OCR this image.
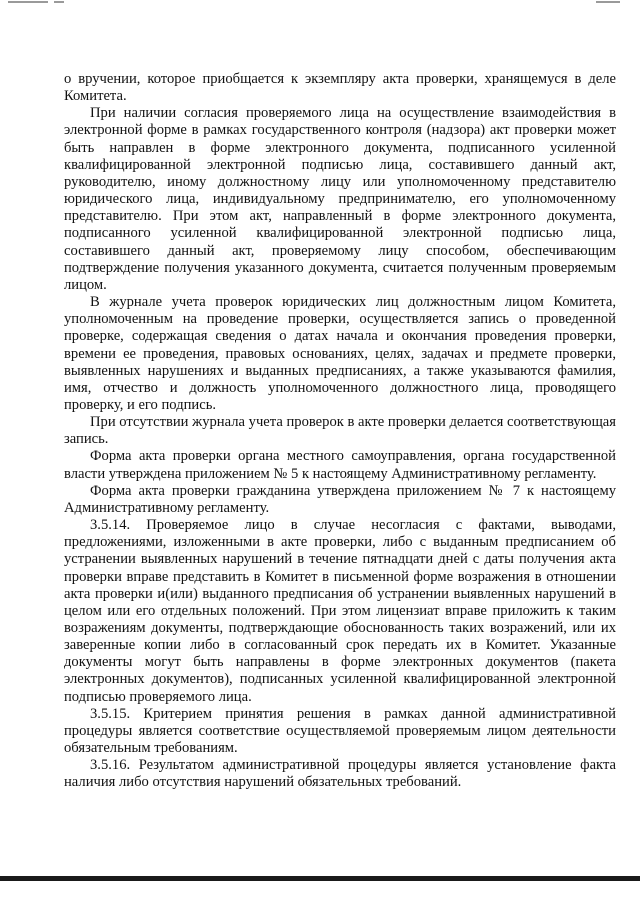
о вручении, которое приобщается к экземпляру акта проверки, хранящемуся в деле Комитета.

При наличии согласия проверяемого лица на осуществление взаимодействия в электронной форме в рамках государственного контроля (надзора) акт проверки может быть направлен в форме электронного документа, подписанного усиленной квалифицированной электронной подписью лица, составившего данный акт, руководителю, иному должностному лицу или уполномоченному представителю юридического лица, индивидуальному предпринимателю, его уполномоченному представителю. При этом акт, направленный в форме электронного документа, подписанного усиленной квалифицированной электронной подписью лица, составившего данный акт, проверяемому лицу способом, обеспечивающим подтверждение получения указанного документа, считается полученным проверяемым лицом.

В журнале учета проверок юридических лиц должностным лицом Комитета, уполномоченным на проведение проверки, осуществляется запись о проведенной проверке, содержащая сведения о датах начала и окончания проведения проверки, времени ее проведения, правовых основаниях, целях, задачах и предмете проверки, выявленных нарушениях и выданных предписаниях, а также указываются фамилия, имя, отчество и должность уполномоченного должностного лица, проводящего проверку, и его подпись.

При отсутствии журнала учета проверок в акте проверки делается соответствующая запись.

Форма акта проверки органа местного самоуправления, органа государственной власти утверждена приложением № 5 к настоящему Административному регламенту.

Форма акта проверки гражданина утверждена приложением № 7 к настоящему Административному регламенту.

3.5.14. Проверяемое лицо в случае несогласия с фактами, выводами, предложениями, изложенными в акте проверки, либо с выданным предписанием об устранении выявленных нарушений в течение пятнадцати дней с даты получения акта проверки вправе представить в Комитет в письменной форме возражения в отношении акта проверки и(или) выданного предписания об устранении выявленных нарушений в целом или его отдельных положений. При этом лицензиат вправе приложить к таким возражениям документы, подтверждающие обоснованность таких возражений, или их заверенные копии либо в согласованный срок передать их в Комитет. Указанные документы могут быть направлены в форме электронных документов (пакета электронных документов), подписанных усиленной квалифицированной электронной подписью проверяемого лица.

3.5.15. Критерием принятия решения в рамках данной административной процедуры является соответствие осуществляемой проверяемым лицом деятельности обязательным требованиям.

3.5.16. Результатом административной процедуры является установление факта наличия либо отсутствия нарушений обязательных требований.
